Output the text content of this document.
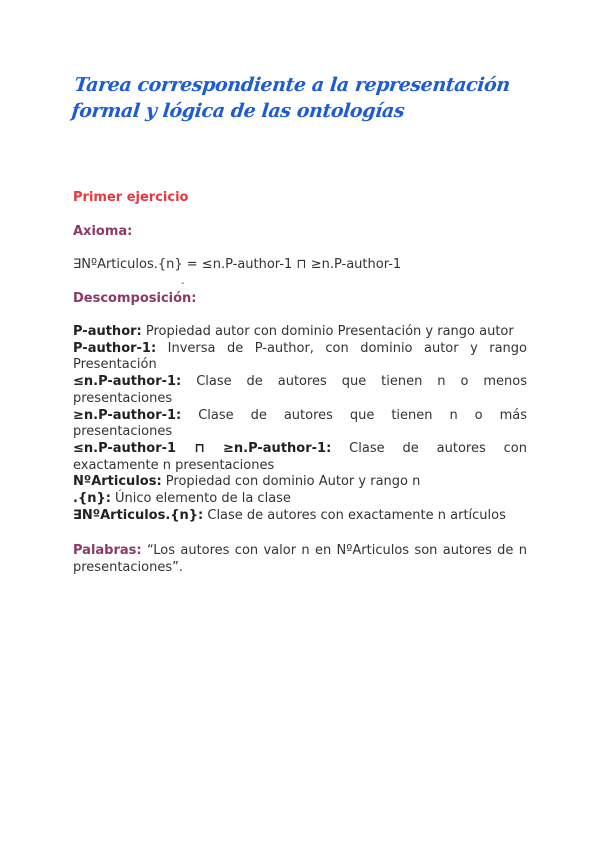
Tarea correspondiente a la representación formal y lógica de las ontologías
Primer ejercicio
Axioma:
∃NºArticulos.{n} = ≤n.P-author-1 ⊓ ≥n.P-author-1
-
Descomposición:
P-author: Propiedad autor con dominio Presentación y rango autor
P-author-1: Inversa de P-author, con dominio autor y rango Presentación
≤n.P-author-1: Clase de autores que tienen n o menos presentaciones
≥n.P-author-1: Clase de autores que tienen n o más presentaciones
≤n.P-author-1 ⊓ ≥n.P-author-1: Clase de autores con exactamente n presentaciones
NºArticulos: Propiedad con dominio Autor y rango n
.{n}: Único elemento de la clase
∃NºArticulos.{n}: Clase de autores con exactamente n artículos
Palabras: “Los autores con valor n en NºArticulos son autores de n presentaciones”.
